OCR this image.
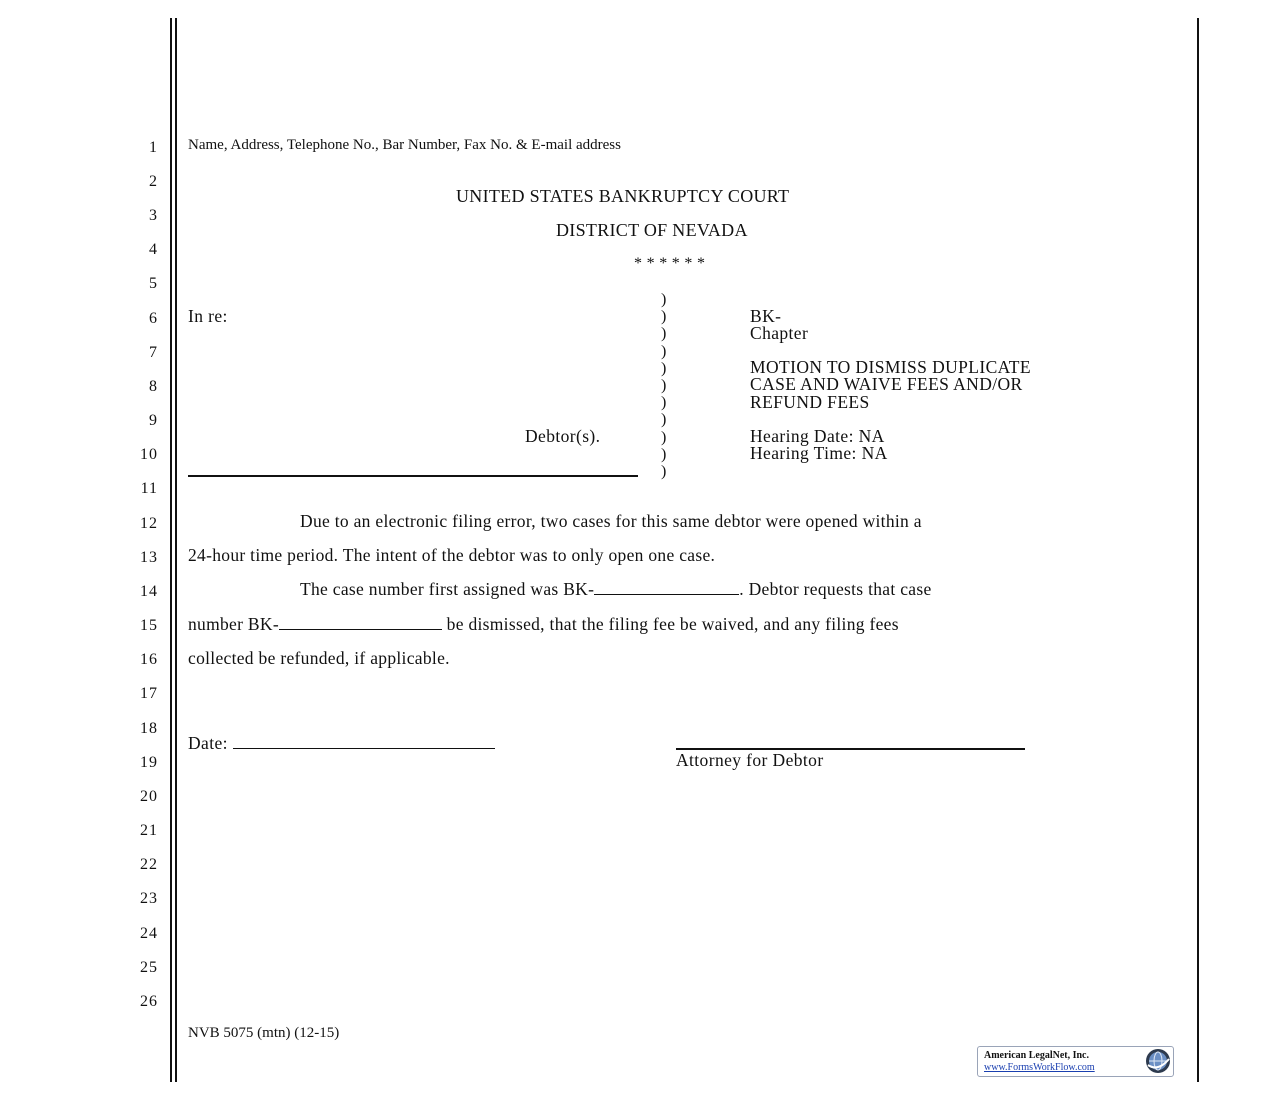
1
2
3
4
5
6
7
8
9
10
11
12
13
14
15
16
17
18
19
20
21
22
23
24
25
26
Name, Address, Telephone No., Bar Number, Fax No. & E-mail address
UNITED STATES BANKRUPTCY COURT
DISTRICT OF NEVADA
* * * * * *
In re:
Debtor(s).
)
)
)
)
)
)
)
)
)
)
)
BK-
Chapter
MOTION TO DISMISS DUPLICATE
CASE AND WAIVE FEES AND/OR
REFUND FEES
Hearing Date: NA
Hearing Time: NA
Due to an electronic filing error, two cases for this same debtor were opened within a
24-hour time period. The intent of the debtor was to only open one case.
The case number first assigned was BK-	. Debtor requests that case
number BK-	be dismissed, that the filing fee be waived, and any filing fees
collected be refunded, if applicable.
Date:
Attorney for Debtor
NVB 5075 (mtn) (12-15)
American LegalNet, Inc.
www.FormsWorkFlow.com
